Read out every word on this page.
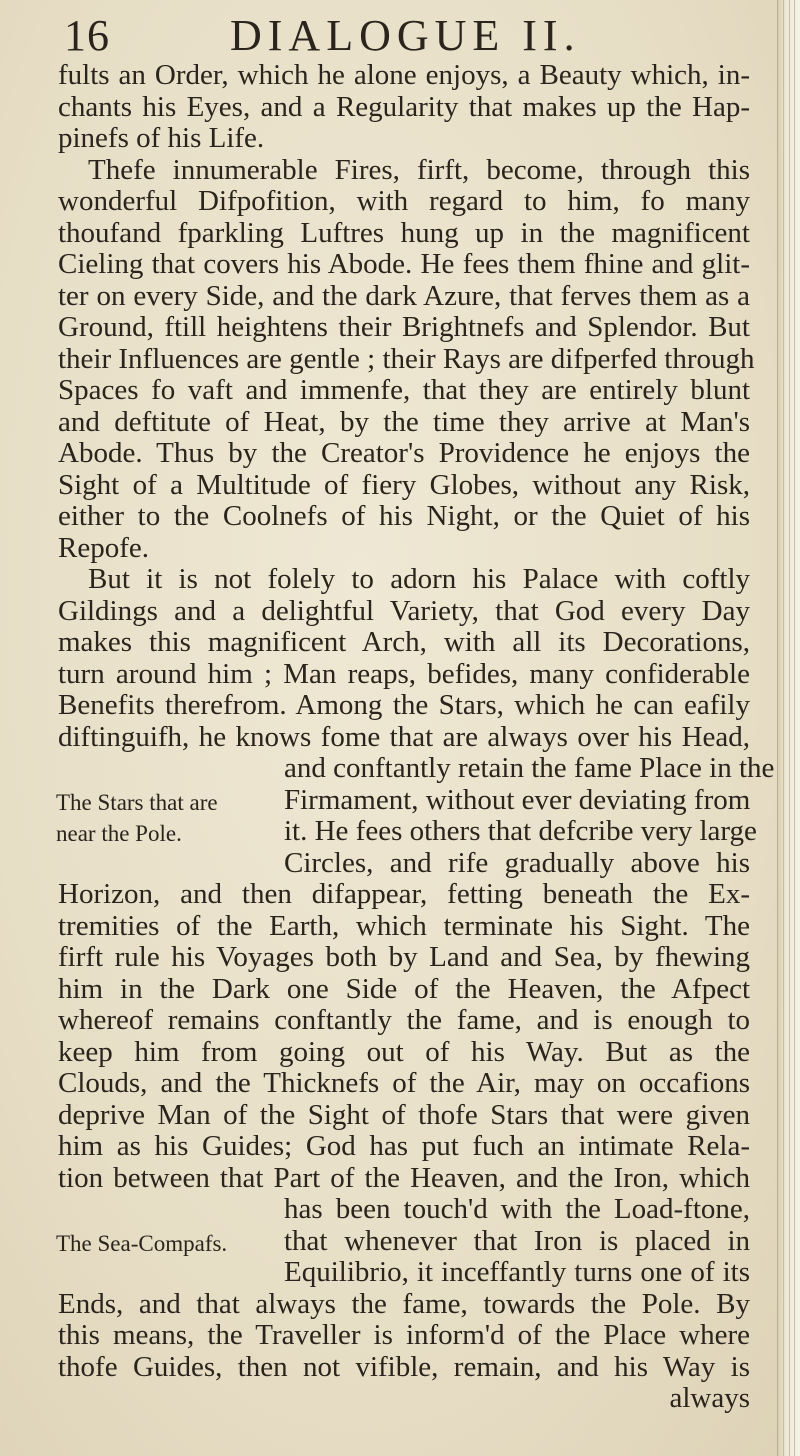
16	DIALOGUE II.
fults an Order, which he alone enjoys, a Beauty which, in-
chants his Eyes, and a Regularity that makes up the Hap-
pinefs of his Life.
Thefe innumerable Fires, firft, become, through this
wonderful Difpofition, with regard to him, fo many
thoufand fparkling Luftres hung up in the magnificent
Cieling that covers his Abode. He fees them fhine and glit-
ter on every Side, and the dark Azure, that ferves them as a
Ground, ftill heightens their Brightnefs and Splendor. But
their Influences are gentle ; their Rays are difperfed through
Spaces fo vaft and immenfe, that they are entirely blunt
and deftitute of Heat, by the time they arrive at Man's
Abode. Thus by the Creator's Providence he enjoys the
Sight of a Multitude of fiery Globes, without any Risk,
either to the Coolnefs of his Night, or the Quiet of his
Repofe.
But it is not folely to adorn his Palace with coftly
Gildings and a delightful Variety, that God every Day
makes this magnificent Arch, with all its Decorations,
turn around him ; Man reaps, befides, many confiderable
Benefits therefrom. Among the Stars, which he can eafily
diftinguifh, he knows fome that are always over his Head,
and conftantly retain the fame Place in the
The Stars that are Firmament, without ever deviating from
near the Pole.	it. He fees others that defcribe very large
Circles, and rife gradually above his
Horizon, and then difappear, fetting beneath the Ex-
tremities of the Earth, which terminate his Sight. The
firft rule his Voyages both by Land and Sea, by fhewing
him in the Dark one Side of the Heaven, the Afpect
whereof remains conftantly the fame, and is enough to
keep him from going out of his Way. But as the
Clouds, and the Thicknefs of the Air, may on occafions
deprive Man of the Sight of thofe Stars that were given
him as his Guides; God has put fuch an intimate Rela-
tion between that Part of the Heaven, and the Iron, which
has been touch'd with the Load-ftone,
The Sea-Compafs. that whenever that Iron is placed in
Equilibrio, it inceffantly turns one of its
Ends, and that always the fame, towards the Pole. By
this means, the Traveller is inform'd of the Place where
thofe Guides, then not vifible, remain, and his Way is
always
